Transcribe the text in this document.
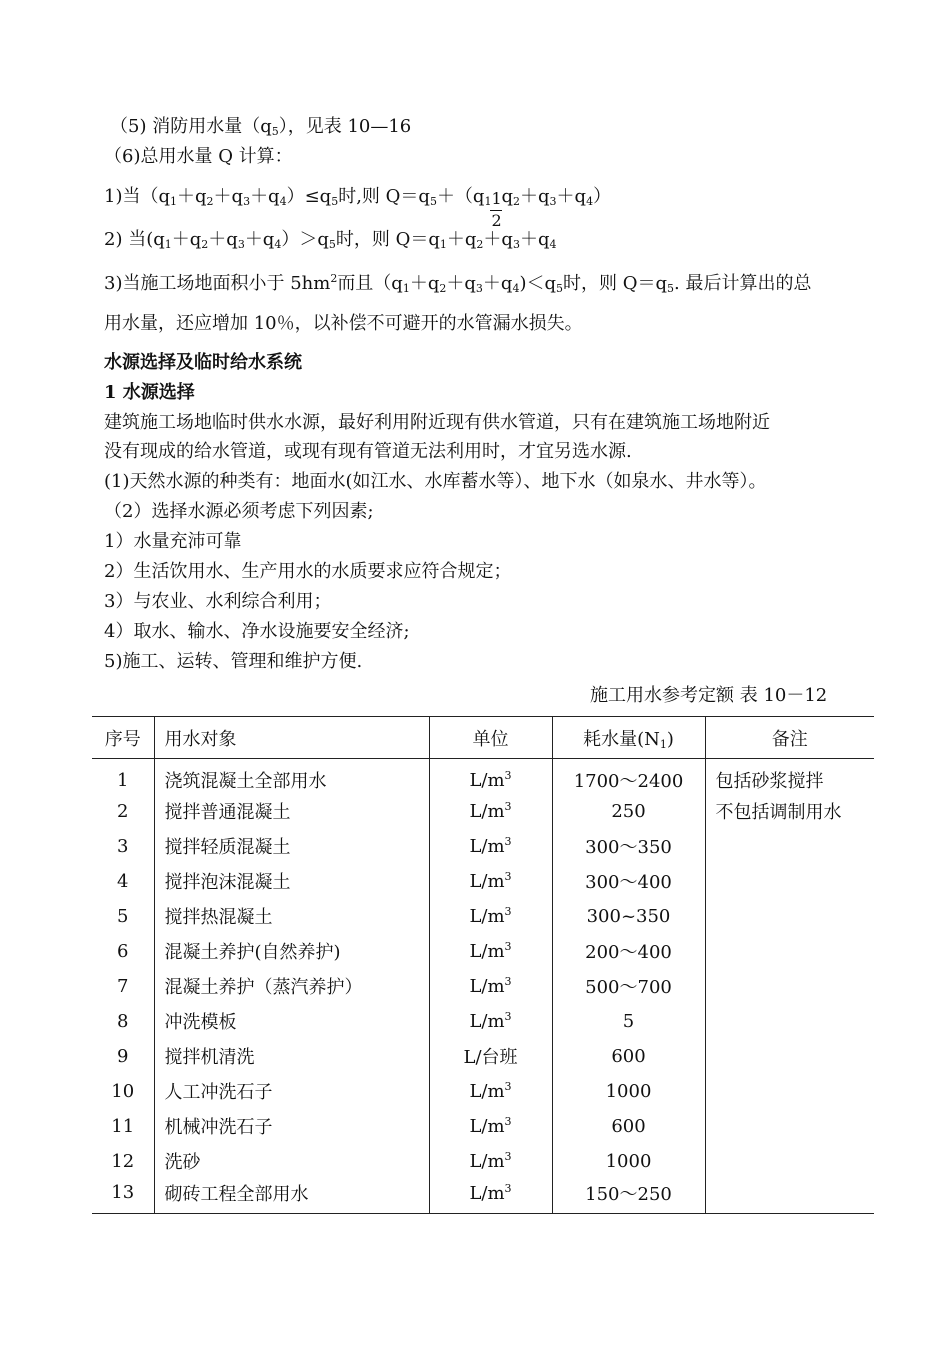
（5) 消防用水量$(q_5)$，见表 10—16
（6)总用水量 Q 计算：
1)当$(q_1+q_2+q_3+q_4)\le q_5$时,则 $Q=q_5+(q_1$
$\frac{1}{2}$
$q_2+q_3+q_4$）
2) 当$(q_1+q_2+q_3+q_4)>q_5$时，则 $Q=q_1+q_2+q_3+q_4$
3)当施工场地面积小于 $5hm^2$而且$(q_1+q_2+q_3+q_4)<q_5$时，则 $Q=q_5$. 最后计算出的总
用水量，还应增加 10％，以补偿不可避开的水管漏水损失。
水源选择及临时给水系统
1 水源选择
建筑施工场地临时供水水源，最好利用附近现有供水管道，只有在建筑施工场地附近
没有现成的给水管道，或现有现有管道无法利用时，才宜另选水源.
(1)天然水源的种类有：地面水(如江水、水库蓄水等）、地下水（如泉水、井水等）。
（2）选择水源必须考虑下列因素;
1）水量充沛可靠
2）生活饮用水、生产用水的水质要求应符合规定；
3）与农业、水利综合利用；
4）取水、输水、净水设施要安全经济;
5)施工、运转、管理和维护方便.
施工用水参考定额 表 10－12
序号	用水对象	单位	耗水量$(N_1)$	备注
1	浇筑混凝土全部用水	$L/m^3$	1700～2400	包括砂浆搅拌
2	搅拌普通混凝土	$L/m^3$	250	不包括调制用水
3	搅拌轻质混凝土	$L/m^3$	300～350	
4	搅拌泡沫混凝土	$L/m^3$	300～400	
5	搅拌热混凝土	$L/m^3$	300~350	
6	混凝土养护(自然养护)	$L/m^3$	200～400	
7	混凝土养护（蒸汽养护）	$L/m^3$	500～700	
8	冲洗模板	$L/m^3$	5	
9	搅拌机清洗	L/台班	600	
10	人工冲洗石子	$L/m^3$	1000	
11	机械冲洗石子	$L/m^3$	600	
12	洗砂	$L/m^3$	1000	
13	砌砖工程全部用水	$L/m^3$	150～250	
